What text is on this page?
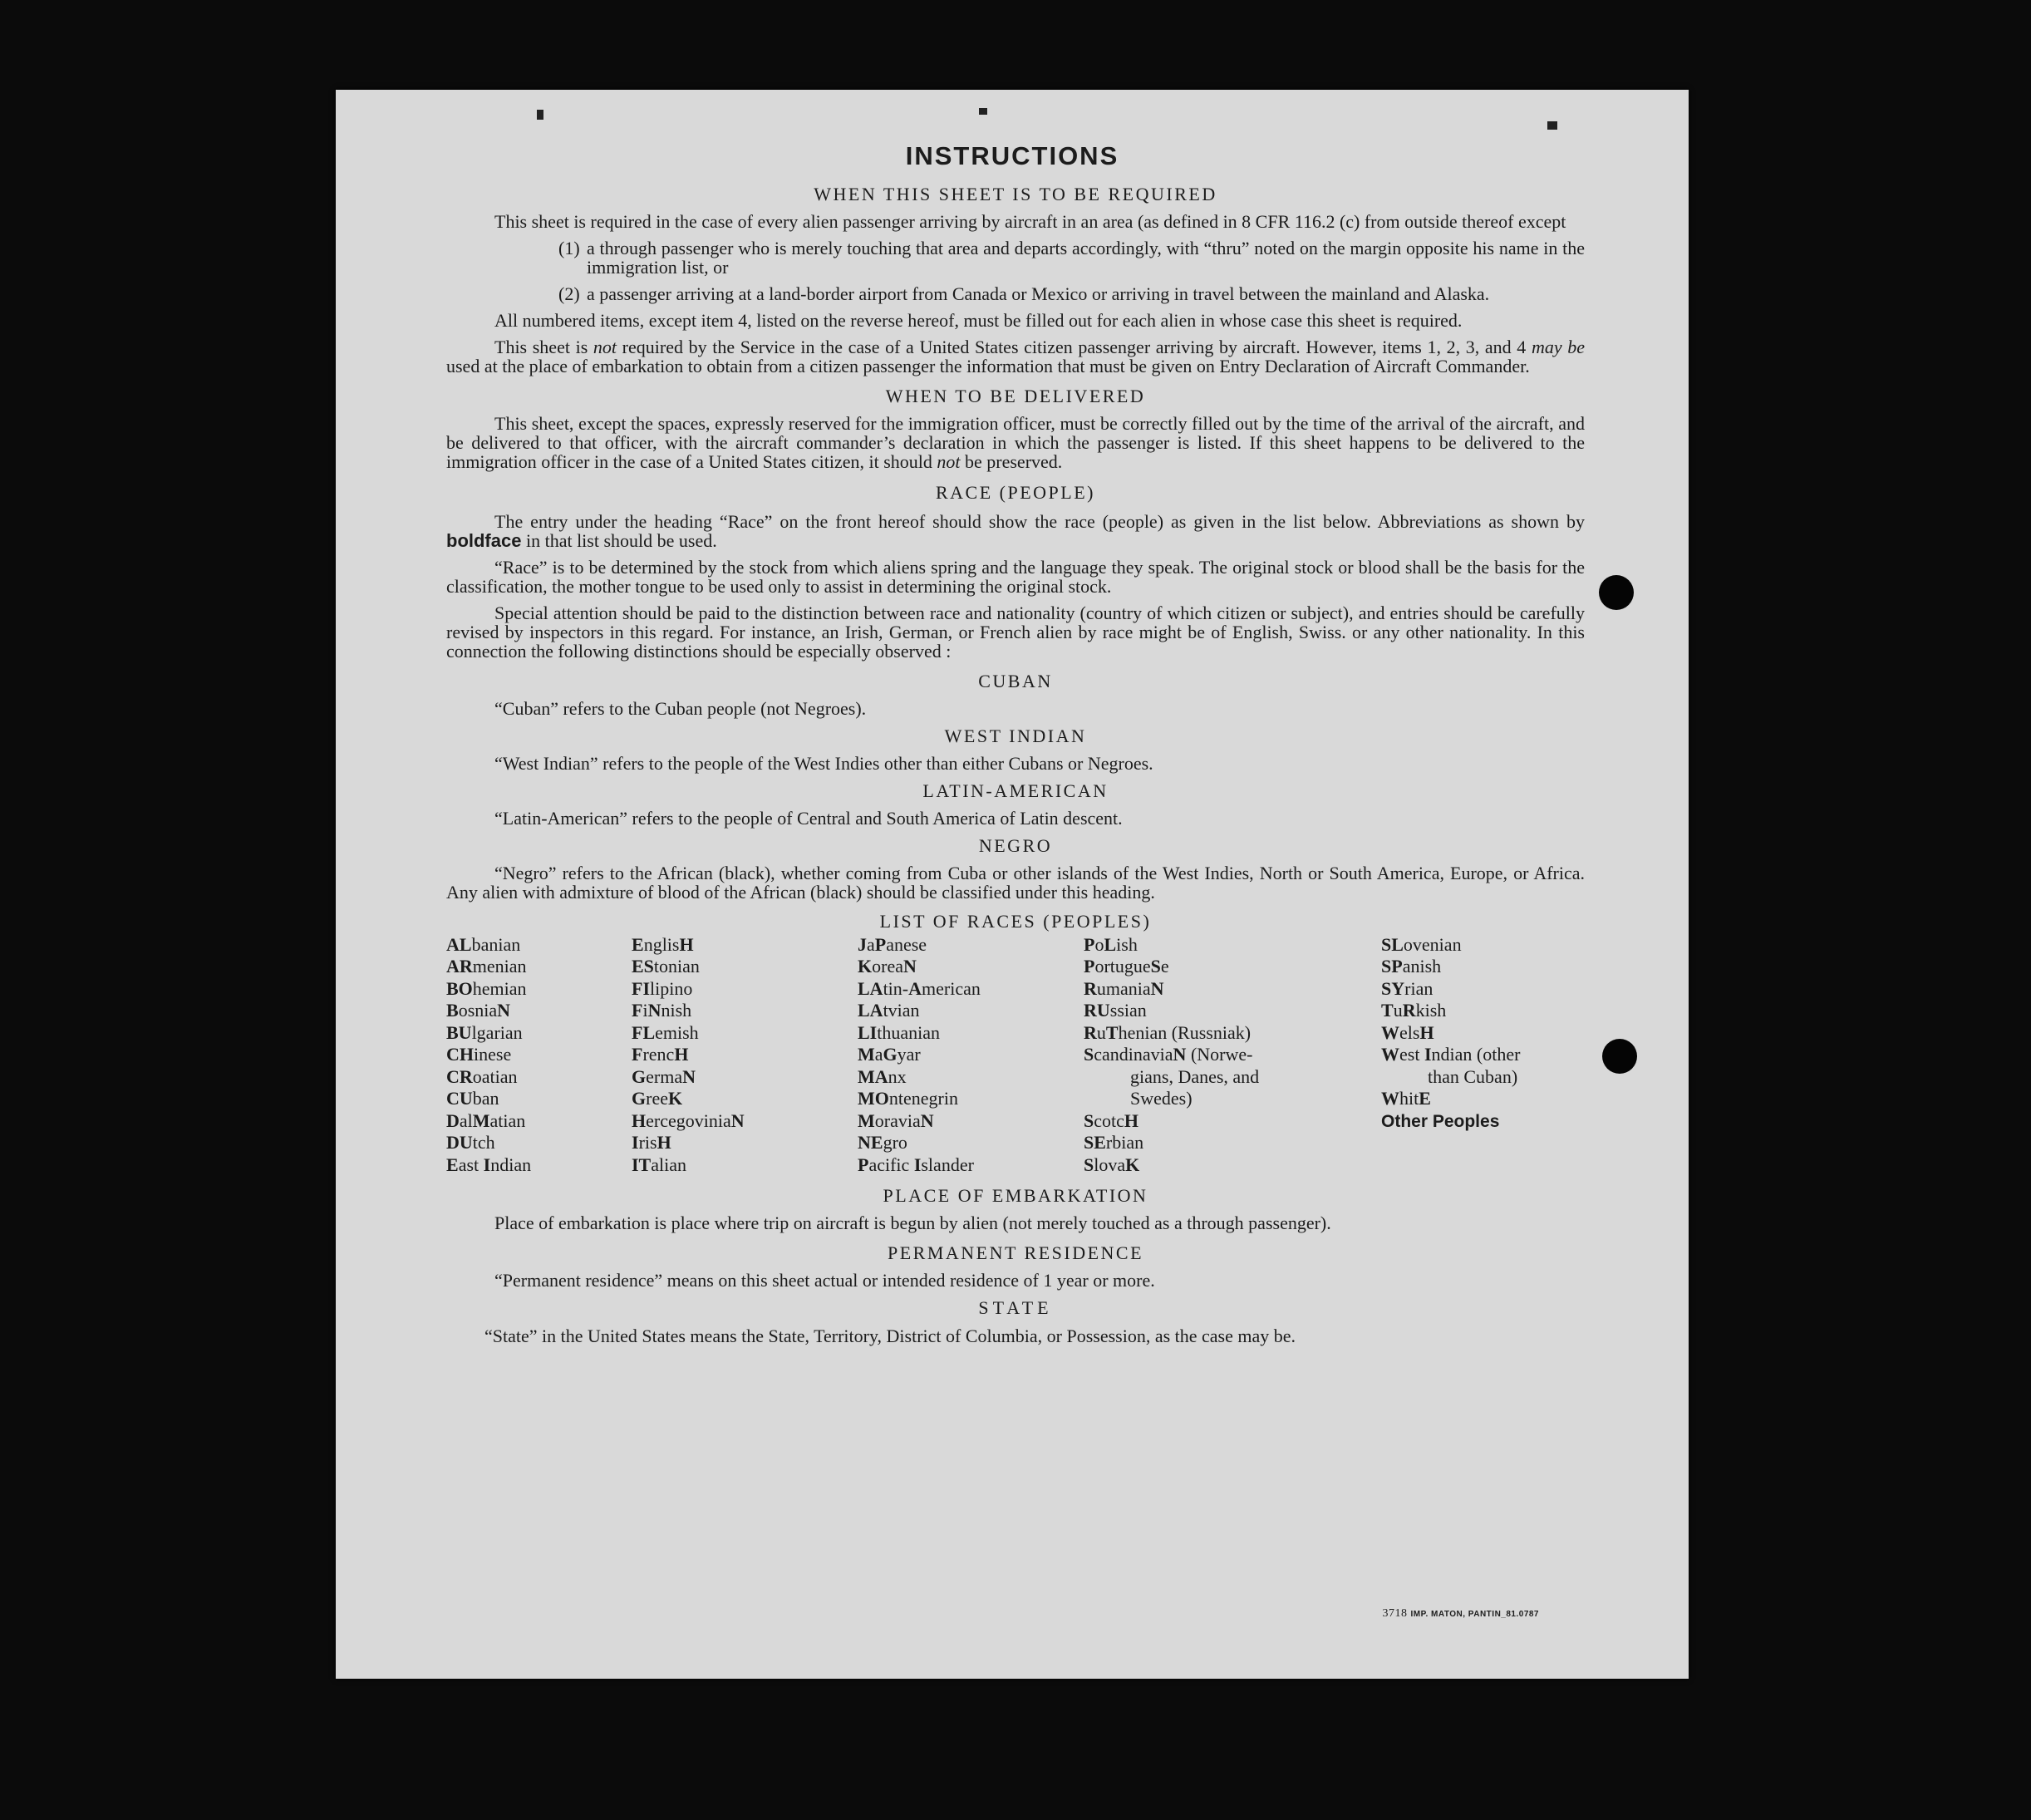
INSTRUCTIONS
WHEN THIS SHEET IS TO BE REQUIRED

This sheet is required in the case of every alien passenger arriving by aircraft in an area (as defined in 8 CFR 116.2 (c) from outside thereof except

(1) a through passenger who is merely touching that area and departs accordingly, with “thru” noted on the margin opposite his name in the immigration list, or
(2) a passenger arriving at a land-border airport from Canada or Mexico or arriving in travel between the mainland and Alaska.

All numbered items, except item 4, listed on the reverse hereof, must be filled out for each alien in whose case this sheet is required.

This sheet is not required by the Service in the case of a United States citizen passenger arriving by aircraft. However, items 1, 2, 3, and 4 may be used at the place of embarkation to obtain from a citizen passenger the information that must be given on Entry Declaration of Aircraft Commander.

WHEN TO BE DELIVERED

This sheet, except the spaces, expressly reserved for the immigration officer, must be correctly filled out by the time of the arrival of the aircraft, and be delivered to that officer, with the aircraft commander’s declaration in which the passenger is listed. If this sheet happens to be delivered to the immigration officer in the case of a United States citizen, it should not be preserved.

RACE (PEOPLE)

The entry under the heading “Race” on the front hereof should show the race (people) as given in the list below. Abbreviations as shown by boldface in that list should be used.

“Race” is to be determined by the stock from which aliens spring and the language they speak. The original stock or blood shall be the basis for the classification, the mother tongue to be used only to assist in determining the original stock.

Special attention should be paid to the distinction between race and nationality (country of which citizen or subject), and entries should be carefully revised by inspectors in this regard. For instance, an Irish, German, or French alien by race might be of English, Swiss. or any other nationality. In this connection the following distinctions should be especially observed :

CUBAN

“Cuban” refers to the Cuban people (not Negroes).

WEST INDIAN

“West Indian” refers to the people of the West Indies other than either Cubans or Negroes.

LATIN-AMERICAN

“Latin-American” refers to the people of Central and South America of Latin descent.

NEGRO

“Negro” refers to the African (black), whether coming from Cuba or other islands of the West Indies, North or South America, Europe, or Africa. Any alien with admixture of blood of the African (black) should be classified under this heading.

LIST OF RACES (PEOPLES)
ALbanian
ARmenian
BOhemian
BosniaN
BUlgarian
CHinese
CRoatian
CUban
DalMatian
DUtch
East Indian
EnglisH
EStonian
FIlipino
FiNnish
FLemish
FrencH
GermaN
GreeK
HercegoviniaN
IrisH
ITalian
JaPanese
KoreaN
LAtin-American
LAtvian
LIthuanian
MaGyar
MAnx
MOntenegrin
MoraviaN
NEgro
Pacific Islander
PoLish
PortugueSe
RumaniaN
RUssian
RuThenian (Russniak)
ScandinaviaN (Norwe-
gians, Danes, and
Swedes)
ScotcH
SErbian
SlovaK
SLovenian
SPanish
SYrian
TuRkish
WelsH
West Indian (other
than Cuban)
WhitE
Other Peoples
PLACE OF EMBARKATION

Place of embarkation is place where trip on aircraft is begun by alien (not merely touched as a through passenger).

PERMANENT RESIDENCE

“Permanent residence” means on this sheet actual or intended residence of 1 year or more.

STATE

“State” in the United States means the State, Territory, District of Columbia, or Possession, as the case may be.

3718 IMP. MATON, PANTIN_81.0787
